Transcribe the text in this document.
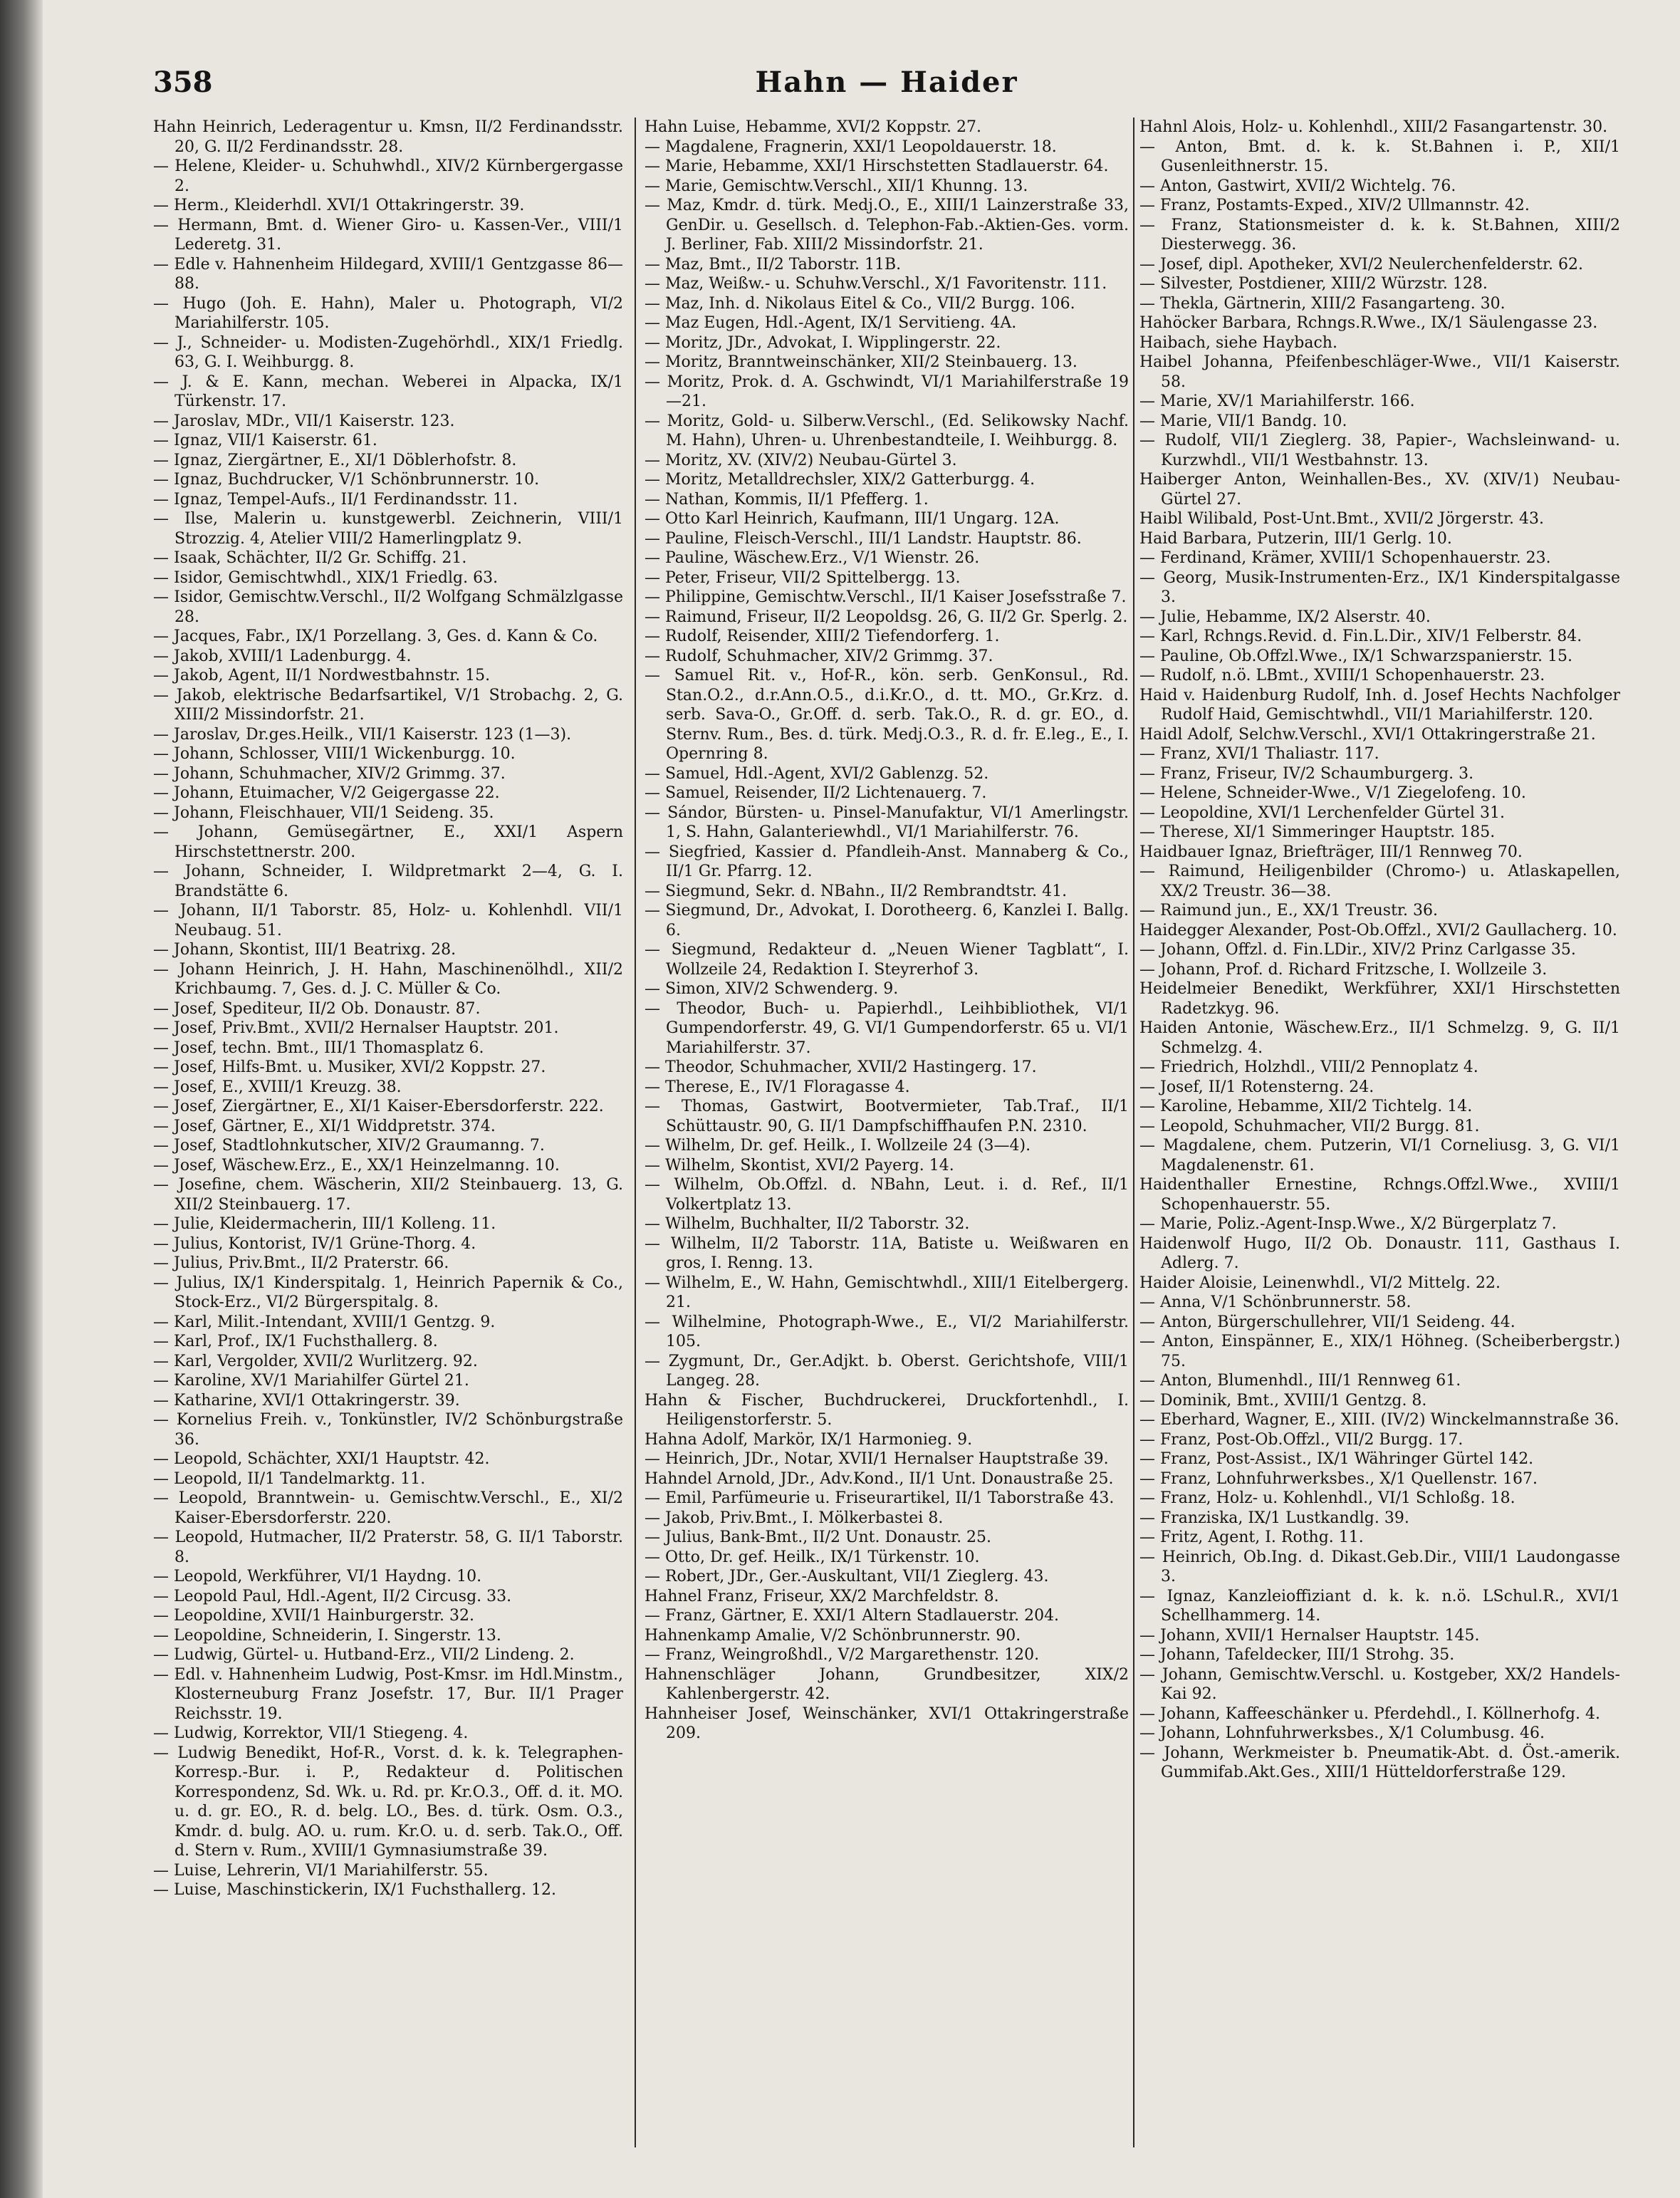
358	Hahn — Haider

Hahn Heinrich, Lederagentur u. Kmsn, II/2 Ferdinandsstr. 20, G. II/2 Ferdinandsstr. 28.

— Helene, Kleider- u. Schuhwhdl., XIV/2 Kürnbergergasse 2.

— Herm., Kleiderhdl. XVI/1 Ottakringerstr. 39.

— Hermann, Bmt. d. Wiener Giro- u. Kassen-Ver., VIII/1 Lederetg. 31.

— Edle v. Hahnenheim Hildegard, XVIII/1 Gentzgasse 86—88.

— Hugo (Joh. E. Hahn), Maler u. Photograph, VI/2 Mariahilferstr. 105.

— J., Schneider- u. Modisten-Zugehörhdl., XIX/1 Friedlg. 63, G. I. Weihburgg. 8.

— J. & E. Kann, mechan. Weberei in Alpacka, IX/1 Türkenstr. 17.

— Jaroslav, MDr., VII/1 Kaiserstr. 123.

— Ignaz, VII/1 Kaiserstr. 61.

— Ignaz, Ziergärtner, E., XI/1 Döblerhofstr. 8.

— Ignaz, Buchdrucker, V/1 Schönbrunnerstr. 10.

— Ignaz, Tempel-Aufs., II/1 Ferdinandsstr. 11.

— Ilse, Malerin u. kunstgewerbl. Zeichnerin, VIII/1 Strozzig. 4, Atelier VIII/2 Hamerlingplatz 9.

— Isaak, Schächter, II/2 Gr. Schiffg. 21.

— Isidor, Gemischtwhdl., XIX/1 Friedlg. 63.

— Isidor, Gemischtw.Verschl., II/2 Wolfgang Schmälzlgasse 28.

— Jacques, Fabr., IX/1 Porzellang. 3, Ges. d. Kann & Co.

— Jakob, XVIII/1 Ladenburgg. 4.

— Jakob, Agent, II/1 Nordwestbahnstr. 15.

— Jakob, elektrische Bedarfsartikel, V/1 Strobachg. 2, G. XIII/2 Missindorfstr. 21.

— Jaroslav, Dr.ges.Heilk., VII/1 Kaiserstr. 123 (1—3).

— Johann, Schlosser, VIII/1 Wickenburgg. 10.

— Johann, Schuhmacher, XIV/2 Grimmg. 37.

— Johann, Etuimacher, V/2 Geigergasse 22.

— Johann, Fleischhauer, VII/1 Seideng. 35.

— Johann, Gemüsegärtner, E., XXI/1 Aspern Hirschstettnerstr. 200.

— Johann, Schneider, I. Wildpretmarkt 2—4, G. I. Brandstätte 6.

— Johann, II/1 Taborstr. 85, Holz- u. Kohlenhdl. VII/1 Neubaug. 51.

— Johann, Skontist, III/1 Beatrixg. 28.

— Johann Heinrich, J. H. Hahn, Maschinenölhdl., XII/2 Krichbaumg. 7, Ges. d. J. C. Müller & Co.

— Josef, Spediteur, II/2 Ob. Donaustr. 87.

— Josef, Priv.Bmt., XVII/2 Hernalser Hauptstr. 201.

— Josef, techn. Bmt., III/1 Thomasplatz 6.

— Josef, Hilfs-Bmt. u. Musiker, XVI/2 Koppstr. 27.

— Josef, E., XVIII/1 Kreuzg. 38.

— Josef, Ziergärtner, E., XI/1 Kaiser-Ebersdorferstr. 222.

— Josef, Gärtner, E., XI/1 Widdpretstr. 374.

— Josef, Stadtlohnkutscher, XIV/2 Graumanng. 7.

— Josef, Wäschew.Erz., E., XX/1 Heinzelmanng. 10.

— Josefine, chem. Wäscherin, XII/2 Steinbauerg. 13, G. XII/2 Steinbauerg. 17.

— Julie, Kleidermacherin, III/1 Kolleng. 11.

— Julius, Kontorist, IV/1 Grüne-Thorg. 4.

— Julius, Priv.Bmt., II/2 Praterstr. 66.

— Julius, IX/1 Kinderspitalg. 1, Heinrich Papernik & Co., Stock-Erz., VI/2 Bürgerspitalg. 8.

— Karl, Milit.-Intendant, XVIII/1 Gentzg. 9.

— Karl, Prof., IX/1 Fuchsthallerg. 8.

— Karl, Vergolder, XVII/2 Wurlitzerg. 92.

— Karoline, XV/1 Mariahilfer Gürtel 21.

— Katharine, XVI/1 Ottakringerstr. 39.

— Kornelius Freih. v., Tonkünstler, IV/2 Schönburgstraße 36.

— Leopold, Schächter, XXI/1 Hauptstr. 42.

— Leopold, II/1 Tandelmarktg. 11.

— Leopold, Branntwein- u. Gemischtw.Verschl., E., XI/2 Kaiser-Ebersdorferstr. 220.

— Leopold, Hutmacher, II/2 Praterstr. 58, G. II/1 Taborstr. 8.

— Leopold, Werkführer, VI/1 Haydng. 10.

— Leopold Paul, Hdl.-Agent, II/2 Circusg. 33.

— Leopoldine, XVII/1 Hainburgerstr. 32.

— Leopoldine, Schneiderin, I. Singerstr. 13.

— Ludwig, Gürtel- u. Hutband-Erz., VII/2 Lindeng. 2.

— Edl. v. Hahnenheim Ludwig, Post-Kmsr. im Hdl.Minstm., Klosterneuburg Franz Josefstr. 17, Bur. II/1 Prager Reichsstr. 19.

— Ludwig, Korrektor, VII/1 Stiegeng. 4.

— Ludwig Benedikt, Hof-R., Vorst. d. k. k. Telegraphen-Korresp.-Bur. i. P., Redakteur d. Politischen Korrespondenz, Sd. Wk. u. Rd. pr. Kr.O.3., Off. d. it. MO. u. d. gr. EO., R. d. belg. LO., Bes. d. türk. Osm. O.3., Kmdr. d. bulg. AO. u. rum. Kr.O. u. d. serb. Tak.O., Off. d. Stern v. Rum., XVIII/1 Gymnasiumstraße 39.

— Luise, Lehrerin, VI/1 Mariahilferstr. 55.

— Luise, Maschinstickerin, IX/1 Fuchsthallerg. 12.

Hahn Luise, Hebamme, XVI/2 Koppstr. 27.

— Magdalene, Fragnerin, XXI/1 Leopoldauerstr. 18.

— Marie, Hebamme, XXI/1 Hirschstetten Stadlauerstr. 64.

— Marie, Gemischtw.Verschl., XII/1 Khunng. 13.

— Maz, Kmdr. d. türk. Medj.O., E., XIII/1 Lainzerstraße 33, GenDir. u. Gesellsch. d. Telephon-Fab.-Aktien-Ges. vorm. J. Berliner, Fab. XIII/2 Missindorfstr. 21.

— Maz, Bmt., II/2 Taborstr. 11B.

— Maz, Weißw.- u. Schuhw.Verschl., X/1 Favoritenstr. 111.

— Maz, Inh. d. Nikolaus Eitel & Co., VII/2 Burgg. 106.

— Maz Eugen, Hdl.-Agent, IX/1 Servitieng. 4A.

— Moritz, JDr., Advokat, I. Wipplingerstr. 22.

— Moritz, Branntweinschänker, XII/2 Steinbauerg. 13.

— Moritz, Prok. d. A. Gschwindt, VI/1 Mariahilferstraße 19—21.

— Moritz, Gold- u. Silberw.Verschl., (Ed. Selikowsky Nachf. M. Hahn), Uhren- u. Uhrenbestandteile, I. Weihburgg. 8.

— Moritz, XV. (XIV/2) Neubau-Gürtel 3.

— Moritz, Metalldrechsler, XIX/2 Gatterburgg. 4.

— Nathan, Kommis, II/1 Pfefferg. 1.

— Otto Karl Heinrich, Kaufmann, III/1 Ungarg. 12A.

— Pauline, Fleisch-Verschl., III/1 Landstr. Hauptstr. 86.

— Pauline, Wäschew.Erz., V/1 Wienstr. 26.

— Peter, Friseur, VII/2 Spittelbergg. 13.

— Philippine, Gemischtw.Verschl., II/1 Kaiser Josefsstraße 7.

— Raimund, Friseur, II/2 Leopoldsg. 26, G. II/2 Gr. Sperlg. 2.

— Rudolf, Reisender, XIII/2 Tiefendorferg. 1.

— Rudolf, Schuhmacher, XIV/2 Grimmg. 37.

— Samuel Rit. v., Hof-R., kön. serb. GenKonsul., Rd. Stan.O.2., d.r.Ann.O.5., d.i.Kr.O., d. tt. MO., Gr.Krz. d. serb. Sava-O., Gr.Off. d. serb. Tak.O., R. d. gr. EO., d. Sternv. Rum., Bes. d. türk. Medj.O.3., R. d. fr. E.leg., E., I. Opernring 8.

— Samuel, Hdl.-Agent, XVI/2 Gablenzg. 52.

— Samuel, Reisender, II/2 Lichtenauerg. 7.

— Sándor, Bürsten- u. Pinsel-Manufaktur, VI/1 Amerlingstr. 1, S. Hahn, Galanteriewhdl., VI/1 Mariahilferstr. 76.

— Siegfried, Kassier d. Pfandleih-Anst. Mannaberg & Co., II/1 Gr. Pfarrg. 12.

— Siegmund, Sekr. d. NBahn., II/2 Rembrandtstr. 41.

— Siegmund, Dr., Advokat, I. Dorotheerg. 6, Kanzlei I. Ballg. 6.

— Siegmund, Redakteur d. „Neuen Wiener Tagblatt“, I. Wollzeile 24, Redaktion I. Steyrerhof 3.

— Simon, XIV/2 Schwenderg. 9.

— Theodor, Buch- u. Papierhdl., Leihbibliothek, VI/1 Gumpendorferstr. 49, G. VI/1 Gumpendorferstr. 65 u. VI/1 Mariahilferstr. 37.

— Theodor, Schuhmacher, XVII/2 Hastingerg. 17.

— Therese, E., IV/1 Floragasse 4.

— Thomas, Gastwirt, Bootvermieter, Tab.Traf., II/1 Schüttaustr. 90, G. II/1 Dampfschiffhaufen P.N. 2310.

— Wilhelm, Dr. gef. Heilk., I. Wollzeile 24 (3—4).

— Wilhelm, Skontist, XVI/2 Payerg. 14.

— Wilhelm, Ob.Offzl. d. NBahn, Leut. i. d. Ref., II/1 Volkertplatz 13.

— Wilhelm, Buchhalter, II/2 Taborstr. 32.

— Wilhelm, II/2 Taborstr. 11A, Batiste u. Weißwaren en gros, I. Renng. 13.

— Wilhelm, E., W. Hahn, Gemischtwhdl., XIII/1 Eitelbergerg. 21.

— Wilhelmine, Photograph-Wwe., E., VI/2 Mariahilferstr. 105.

— Zygmunt, Dr., Ger.Adjkt. b. Oberst. Gerichtshofe, VIII/1 Langeg. 28.

Hahn & Fischer, Buchdruckerei, Druckfortenhdl., I. Heiligenstorferstr. 5.

Hahna Adolf, Markör, IX/1 Harmonieg. 9.

— Heinrich, JDr., Notar, XVII/1 Hernalser Hauptstraße 39.

Hahndel Arnold, JDr., Adv.Kond., II/1 Unt. Donaustraße 25.

— Emil, Parfümeurie u. Friseurartikel, II/1 Taborstraße 43.

— Jakob, Priv.Bmt., I. Mölkerbastei 8.

— Julius, Bank-Bmt., II/2 Unt. Donaustr. 25.

— Otto, Dr. gef. Heilk., IX/1 Türkenstr. 10.

— Robert, JDr., Ger.-Auskultant, VII/1 Zieglerg. 43.

Hahnel Franz, Friseur, XX/2 Marchfeldstr. 8.

— Franz, Gärtner, E. XXI/1 Altern Stadlauerstr. 204.

Hahnenkamp Amalie, V/2 Schönbrunnerstr. 90.

— Franz, Weingroßhdl., V/2 Margarethenstr. 120.

Hahnenschläger Johann, Grundbesitzer, XIX/2 Kahlenbergerstr. 42.

Hahnheiser Josef, Weinschänker, XVI/1 Ottakringerstraße 209.

Hahnl Alois, Holz- u. Kohlenhdl., XIII/2 Fasangartenstr. 30.

— Anton, Bmt. d. k. k. St.Bahnen i. P., XII/1 Gusenleithnerstr. 15.

— Anton, Gastwirt, XVII/2 Wichtelg. 76.

— Franz, Postamts-Exped., XIV/2 Ullmannstr. 42.

— Franz, Stationsmeister d. k. k. St.Bahnen, XIII/2 Diesterwegg. 36.

— Josef, dipl. Apotheker, XVI/2 Neulerchenfelderstr. 62.

— Silvester, Postdiener, XIII/2 Würzstr. 128.

— Thekla, Gärtnerin, XIII/2 Fasangarteng. 30.

Hahöcker Barbara, Rchngs.R.Wwe., IX/1 Säulengasse 23.

Haibach, siehe Haybach.

Haibel Johanna, Pfeifenbeschläger-Wwe., VII/1 Kaiserstr. 58.

— Marie, XV/1 Mariahilferstr. 166.

— Marie, VII/1 Bandg. 10.

— Rudolf, VII/1 Zieglerg. 38, Papier-, Wachsleinwand- u. Kurzwhdl., VII/1 Westbahnstr. 13.

Haiberger Anton, Weinhallen-Bes., XV. (XIV/1) Neubau-Gürtel 27.

Haibl Wilibald, Post-Unt.Bmt., XVII/2 Jörgerstr. 43.

Haid Barbara, Putzerin, III/1 Gerlg. 10.

— Ferdinand, Krämer, XVIII/1 Schopenhauerstr. 23.

— Georg, Musik-Instrumenten-Erz., IX/1 Kinderspitalgasse 3.

— Julie, Hebamme, IX/2 Alserstr. 40.

— Karl, Rchngs.Revid. d. Fin.L.Dir., XIV/1 Felberstr. 84.

— Pauline, Ob.Offzl.Wwe., IX/1 Schwarzspanierstr. 15.

— Rudolf, n.ö. LBmt., XVIII/1 Schopenhauerstr. 23.

Haid v. Haidenburg Rudolf, Inh. d. Josef Hechts Nachfolger Rudolf Haid, Gemischtwhdl., VII/1 Mariahilferstr. 120.

Haidl Adolf, Selchw.Verschl., XVI/1 Ottakringerstraße 21.

— Franz, XVI/1 Thaliastr. 117.

— Franz, Friseur, IV/2 Schaumburgerg. 3.

— Helene, Schneider-Wwe., V/1 Ziegelofeng. 10.

— Leopoldine, XVI/1 Lerchenfelder Gürtel 31.

— Therese, XI/1 Simmeringer Hauptstr. 185.

Haidbauer Ignaz, Briefträger, III/1 Rennweg 70.

— Raimund, Heiligenbilder (Chromo-) u. Atlaskapellen, XX/2 Treustr. 36—38.

— Raimund jun., E., XX/1 Treustr. 36.

Haidegger Alexander, Post-Ob.Offzl., XVI/2 Gaullacherg. 10.

— Johann, Offzl. d. Fin.LDir., XIV/2 Prinz Carlgasse 35.

— Johann, Prof. d. Richard Fritzsche, I. Wollzeile 3.

Heidelmeier Benedikt, Werkführer, XXI/1 Hirschstetten Radetzkyg. 96.

Haiden Antonie, Wäschew.Erz., II/1 Schmelzg. 9, G. II/1 Schmelzg. 4.

— Friedrich, Holzhdl., VIII/2 Pennoplatz 4.

— Josef, II/1 Rotensterng. 24.

— Karoline, Hebamme, XII/2 Tichtelg. 14.

— Leopold, Schuhmacher, VII/2 Burgg. 81.

— Magdalene, chem. Putzerin, VI/1 Corneliusg. 3, G. VI/1 Magdalenenstr. 61.

Haidenthaller Ernestine, Rchngs.Offzl.Wwe., XVIII/1 Schopenhauerstr. 55.

— Marie, Poliz.-Agent-Insp.Wwe., X/2 Bürgerplatz 7.

Haidenwolf Hugo, II/2 Ob. Donaustr. 111, Gasthaus I. Adlerg. 7.

Haider Aloisie, Leinenwhdl., VI/2 Mittelg. 22.

— Anna, V/1 Schönbrunnerstr. 58.

— Anton, Bürgerschullehrer, VII/1 Seideng. 44.

— Anton, Einspänner, E., XIX/1 Höhneg. (Scheiberbergstr.) 75.

— Anton, Blumenhdl., III/1 Rennweg 61.

— Dominik, Bmt., XVIII/1 Gentzg. 8.

— Eberhard, Wagner, E., XIII. (IV/2) Winckelmannstraße 36.

— Franz, Post-Ob.Offzl., VII/2 Burgg. 17.

— Franz, Post-Assist., IX/1 Währinger Gürtel 142.

— Franz, Lohnfuhrwerksbes., X/1 Quellenstr. 167.

— Franz, Holz- u. Kohlenhdl., VI/1 Schloßg. 18.

— Franziska, IX/1 Lustkandlg. 39.

— Fritz, Agent, I. Rothg. 11.

— Heinrich, Ob.Ing. d. Dikast.Geb.Dir., VIII/1 Laudongasse 3.

— Ignaz, Kanzleioffiziant d. k. k. n.ö. LSchul.R., XVI/1 Schellhammerg. 14.

— Johann, XVII/1 Hernalser Hauptstr. 145.

— Johann, Tafeldecker, III/1 Strohg. 35.

— Johann, Gemischtw.Verschl. u. Kostgeber, XX/2 Handels-Kai 92.

— Johann, Kaffeeschänker u. Pferdehdl., I. Köllnerhofg. 4.

— Johann, Lohnfuhrwerksbes., X/1 Columbusg. 46.

— Johann, Werkmeister b. Pneumatik-Abt. d. Öst.-amerik. Gummifab.Akt.Ges., XIII/1 Hütteldorferstraße 129.
